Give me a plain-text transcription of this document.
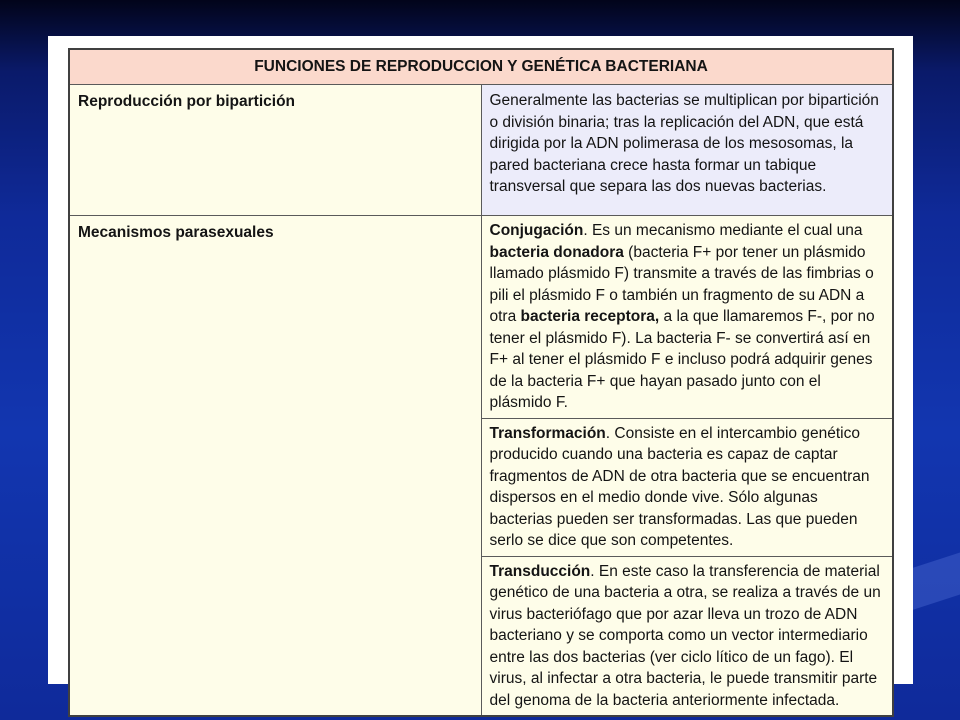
FUNCIONES DE REPRODUCCION Y GENÉTICA BACTERIANA	
Reproducción por bipartición	Generalmente las bacterias se multiplican por bipartición o división binaria; tras la replicación del ADN, que está dirigida por la ADN polimerasa de los mesosomas, la pared bacteriana crece hasta formar un tabique transversal que separa las dos nuevas bacterias.
Mecanismos parasexuales	Conjugación. Es un mecanismo mediante el cual una bacteria donadora (bacteria F+ por tener un plásmido llamado plásmido F) transmite a través de las fimbrias o pili el plásmido F o también un fragmento de su ADN a otra bacteria receptora, a la que llamaremos F-, por no tener el plásmido F). La bacteria F- se convertirá así en F+ al tener el plásmido F e incluso podrá adquirir genes de la bacteria F+ que hayan pasado junto con el plásmido F.
	Transformación. Consiste en el intercambio genético producido cuando una bacteria es capaz de captar fragmentos de ADN de otra bacteria que se encuentran dispersos en el medio donde vive. Sólo algunas bacterias pueden ser transformadas. Las que pueden serlo se dice que son competentes.
	Transducción. En este caso la transferencia de material genético de una bacteria a otra, se realiza a través de un virus bacteriófago que por azar lleva un trozo de ADN bacteriano y se comporta como un vector intermediario entre las dos bacterias (ver ciclo lítico de un fago). El virus, al infectar a otra bacteria, le puede transmitir parte del genoma de la bacteria anteriormente infectada.
